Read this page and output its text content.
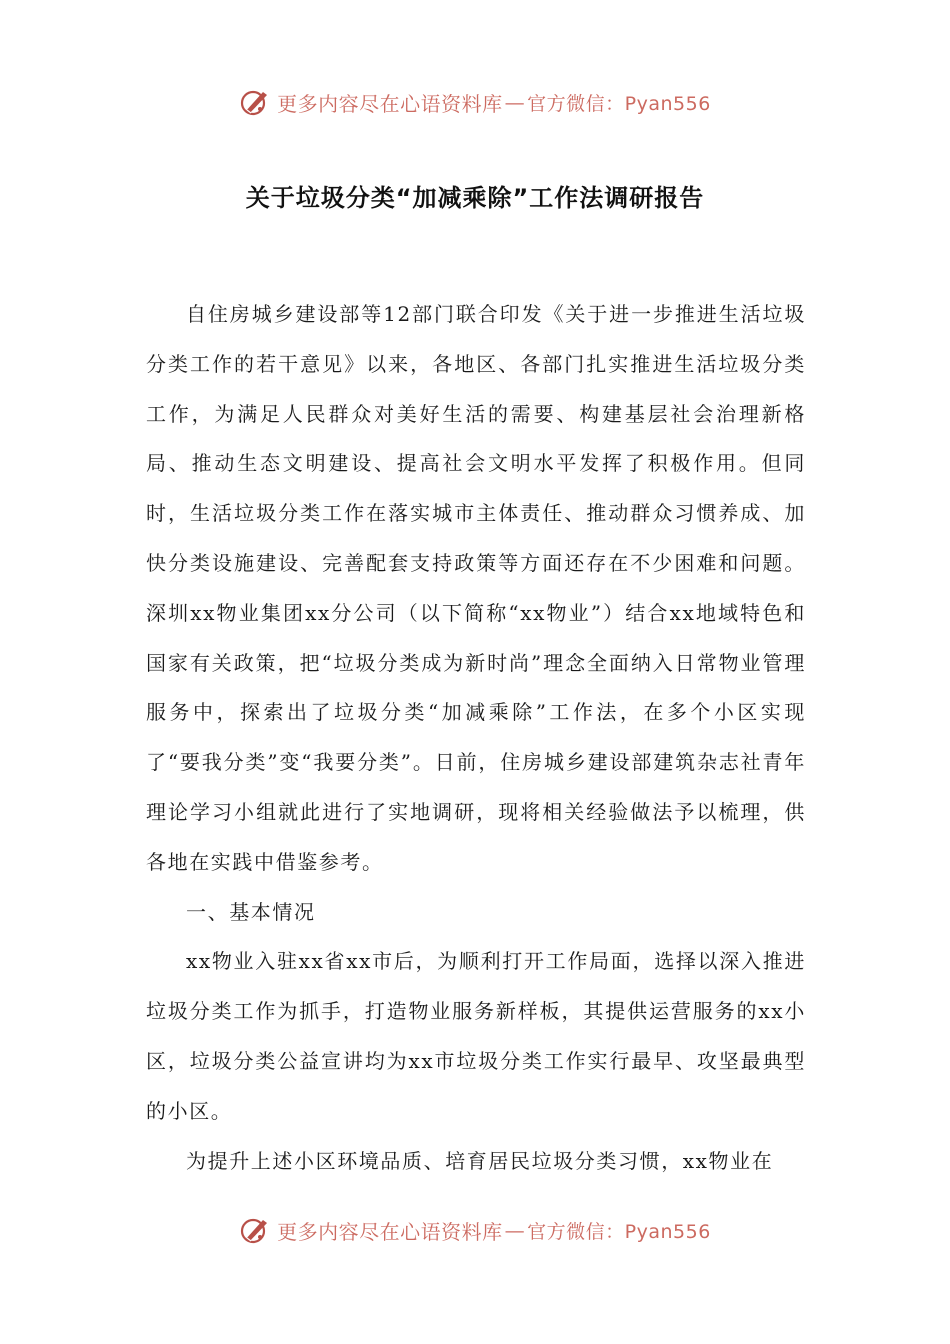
更多内容尽在心语资料库 — 官方微信：Pyan556
关于垃圾分类“加减乘除”工作法调研报告

自住房城乡建设部等12部门联合印发《关于进一步推进生活垃圾分类工作的若干意见》以来，各地区、各部门扎实推进生活垃圾分类工作，为满足人民群众对美好生活的需要、构建基层社会治理新格局、推动生态文明建设、提高社会文明水平发挥了积极作用。但同时，生活垃圾分类工作在落实城市主体责任、推动群众习惯养成、加快分类设施建设、完善配套支持政策等方面还存在不少困难和问题。深圳xx物业集团xx分公司（以下简称“xx物业”）结合xx地域特色和国家有关政策，把“垃圾分类成为新时尚”理念全面纳入日常物业管理服务中，探索出了垃圾分类“加减乘除”工作法，在多个小区实现了“要我分类”变“我要分类”。日前，住房城乡建设部建筑杂志社青年理论学习小组就此进行了实地调研，现将相关经验做法予以梳理，供各地在实践中借鉴参考。

一、基本情况

xx物业入驻xx省xx市后，为顺利打开工作局面，选择以深入推进垃圾分类工作为抓手，打造物业服务新样板，其提供运营服务的xx小区，垃圾分类公益宣讲均为xx市垃圾分类工作实行最早、攻坚最典型的小区。

为提升上述小区环境品质、培育居民垃圾分类习惯，xx物业在

更多内容尽在心语资料库 — 官方微信：Pyan556
